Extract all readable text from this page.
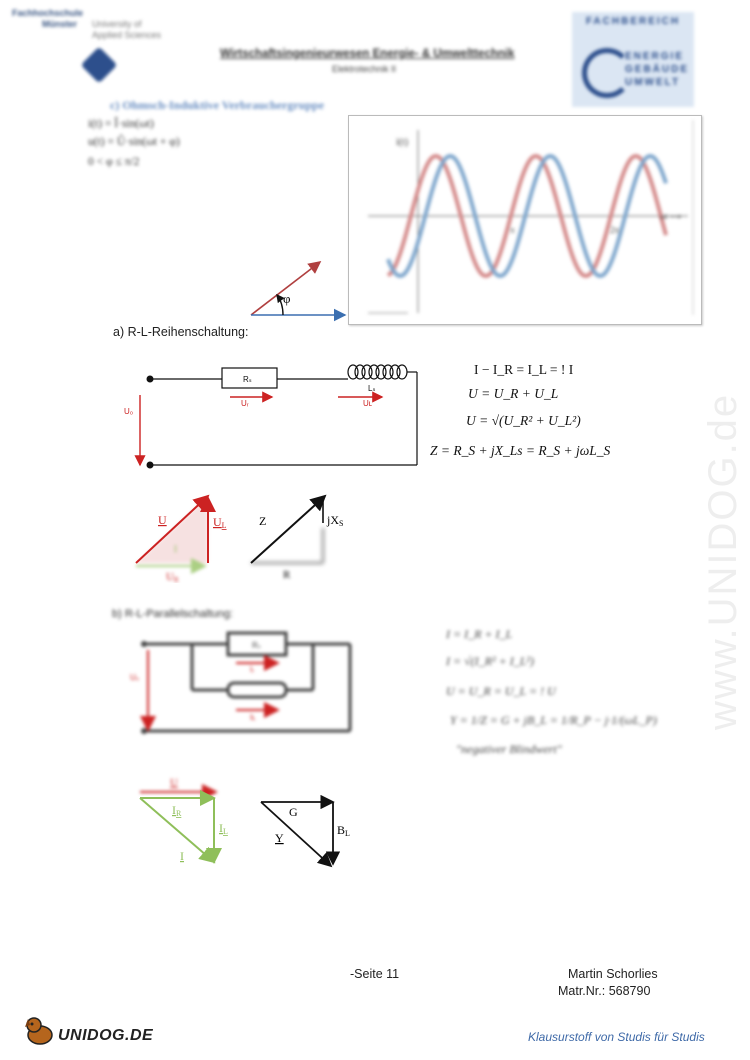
Fachhochschule
Münster	University of
Applied Sciences
Wirtschaftsingenieurwesen Energie- & Umwelttechnik
Elektrotechnik II
FACHBEREICH
ENERGIE
GEBÄUDE
UMWELT
c) Ohmsch-Induktive Verbrauchergruppe
i(t) = Î·sin(ωt)
u(t) = Û·sin(ωt + φ)
0 < φ ≤ π/2
i(t)
ωt ⟶
π	2π
φ
a) R-L-Reihenschaltung:
Rₛ
Lₛ
Uᵣ	Uʟ
U₀
I − I_R = I_L = ! I
U = U_R + U_L
U = √(U_R² + U_L²)
Z = R_S + jX_Ls = R_S + jωL_S
U	UL
UR
I
Z	jXS
R
b) R-L-Parallelschaltung:
Rₛ
Iᵣ
Iʟ
U₀
I = I_R + I_L
I = √(I_R² + I_L²)
U = U_R = U_L = ! U
Y = 1/Z = G + jB_L = 1/R_P − j·1/(ωL_P)
"negativer Blindwert"
U
IR
IL
I
G
Y
BL
www.UNIDOG.de
-Seite 11	Martin Schorlies
Matr.Nr.: 568790
UNIDOG.DE	Klausurstoff von Studis für Studis
